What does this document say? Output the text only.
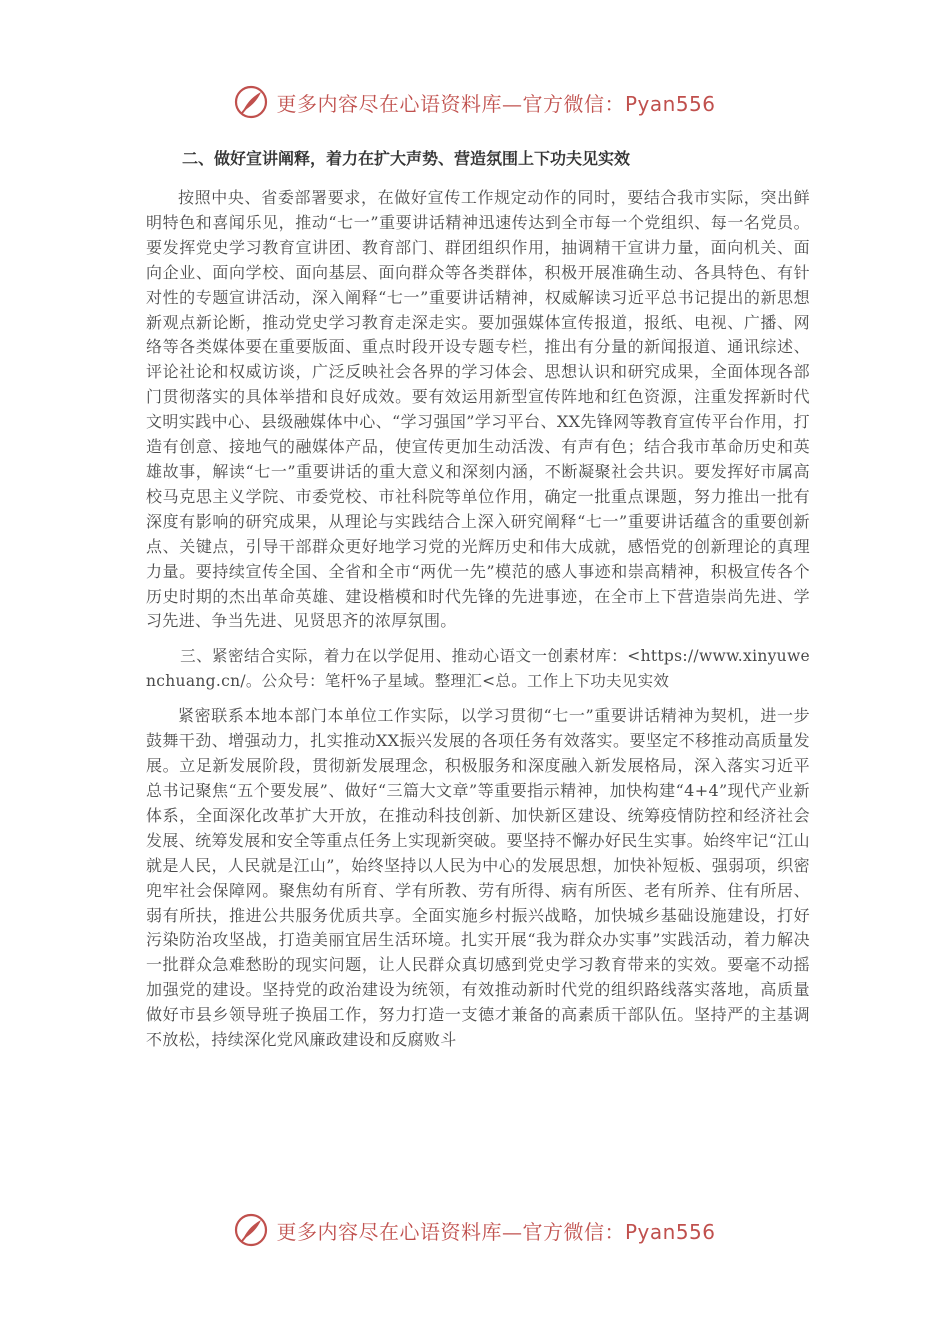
更多内容尽在心语资料库—官方微信：Pyan556
二、做好宣讲阐释，着力在扩大声势、营造氛围上下功夫见实效

按照中央、省委部署要求，在做好宣传工作规定动作的同时，要结合我市实际，突出鲜明特色和喜闻乐见，推动“七一”重要讲话精神迅速传达到全市每一个党组织、每一名党员。要发挥党史学习教育宣讲团、教育部门、群团组织作用，抽调精干宣讲力量，面向机关、面向企业、面向学校、面向基层、面向群众等各类群体，积极开展准确生动、各具特色、有针对性的专题宣讲活动，深入阐释“七一”重要讲话精神，权威解读习近平总书记提出的新思想新观点新论断，推动党史学习教育走深走实。要加强媒体宣传报道，报纸、电视、广播、网络等各类媒体要在重要版面、重点时段开设专题专栏，推出有分量的新闻报道、通讯综述、评论社论和权威访谈，广泛反映社会各界的学习体会、思想认识和研究成果，全面体现各部门贯彻落实的具体举措和良好成效。要有效运用新型宣传阵地和红色资源，注重发挥新时代文明实践中心、县级融媒体中心、“学习强国”学习平台、XX先锋网等教育宣传平台作用，打造有创意、接地气的融媒体产品，使宣传更加生动活泼、有声有色；结合我市革命历史和英雄故事，解读“七一”重要讲话的重大意义和深刻内涵，不断凝聚社会共识。要发挥好市属高校马克思主义学院、市委党校、市社科院等单位作用，确定一批重点课题，努力推出一批有深度有影响的研究成果，从理论与实践结合上深入研究阐释“七一”重要讲话蕴含的重要创新点、关键点，引导干部群众更好地学习党的光辉历史和伟大成就，感悟党的创新理论的真理力量。要持续宣传全国、全省和全市“两优一先”模范的感人事迹和崇高精神，积极宣传各个历史时期的杰出革命英雄、建设楷模和时代先锋的先进事迹，在全市上下营造崇尚先进、学习先进、争当先进、见贤思齐的浓厚氛围。

三、紧密结合实际，着力在以学促用、推动心语文一创素材库：<https://www.xinyuwenchuang.cn/。公众号：笔杆%子星域。整理汇<总。工作上下功夫见实效

紧密联系本地本部门本单位工作实际，以学习贯彻“七一”重要讲话精神为契机，进一步鼓舞干劲、增强动力，扎实推动XX振兴发展的各项任务有效落实。要坚定不移推动高质量发展。立足新发展阶段，贯彻新发展理念，积极服务和深度融入新发展格局，深入落实习近平总书记聚焦“五个要发展”、做好“三篇大文章”等重要指示精神，加快构建“4+4”现代产业新体系，全面深化改革扩大开放，在推动科技创新、加快新区建设、统筹疫情防控和经济社会发展、统筹发展和安全等重点任务上实现新突破。要坚持不懈办好民生实事。始终牢记“江山就是人民，人民就是江山”，始终坚持以人民为中心的发展思想，加快补短板、强弱项，织密兜牢社会保障网。聚焦幼有所育、学有所教、劳有所得、病有所医、老有所养、住有所居、弱有所扶，推进公共服务优质共享。全面实施乡村振兴战略，加快城乡基础设施建设，打好污染防治攻坚战，打造美丽宜居生活环境。扎实开展“我为群众办实事”实践活动，着力解决一批群众急难愁盼的现实问题，让人民群众真切感到党史学习教育带来的实效。要毫不动摇加强党的建设。坚持党的政治建设为统领，有效推动新时代党的组织路线落实落地，高质量做好市县乡领导班子换届工作，努力打造一支德才兼备的高素质干部队伍。坚持严的主基调不放松，持续深化党风廉政建设和反腐败斗

更多内容尽在心语资料库—官方微信：Pyan556
